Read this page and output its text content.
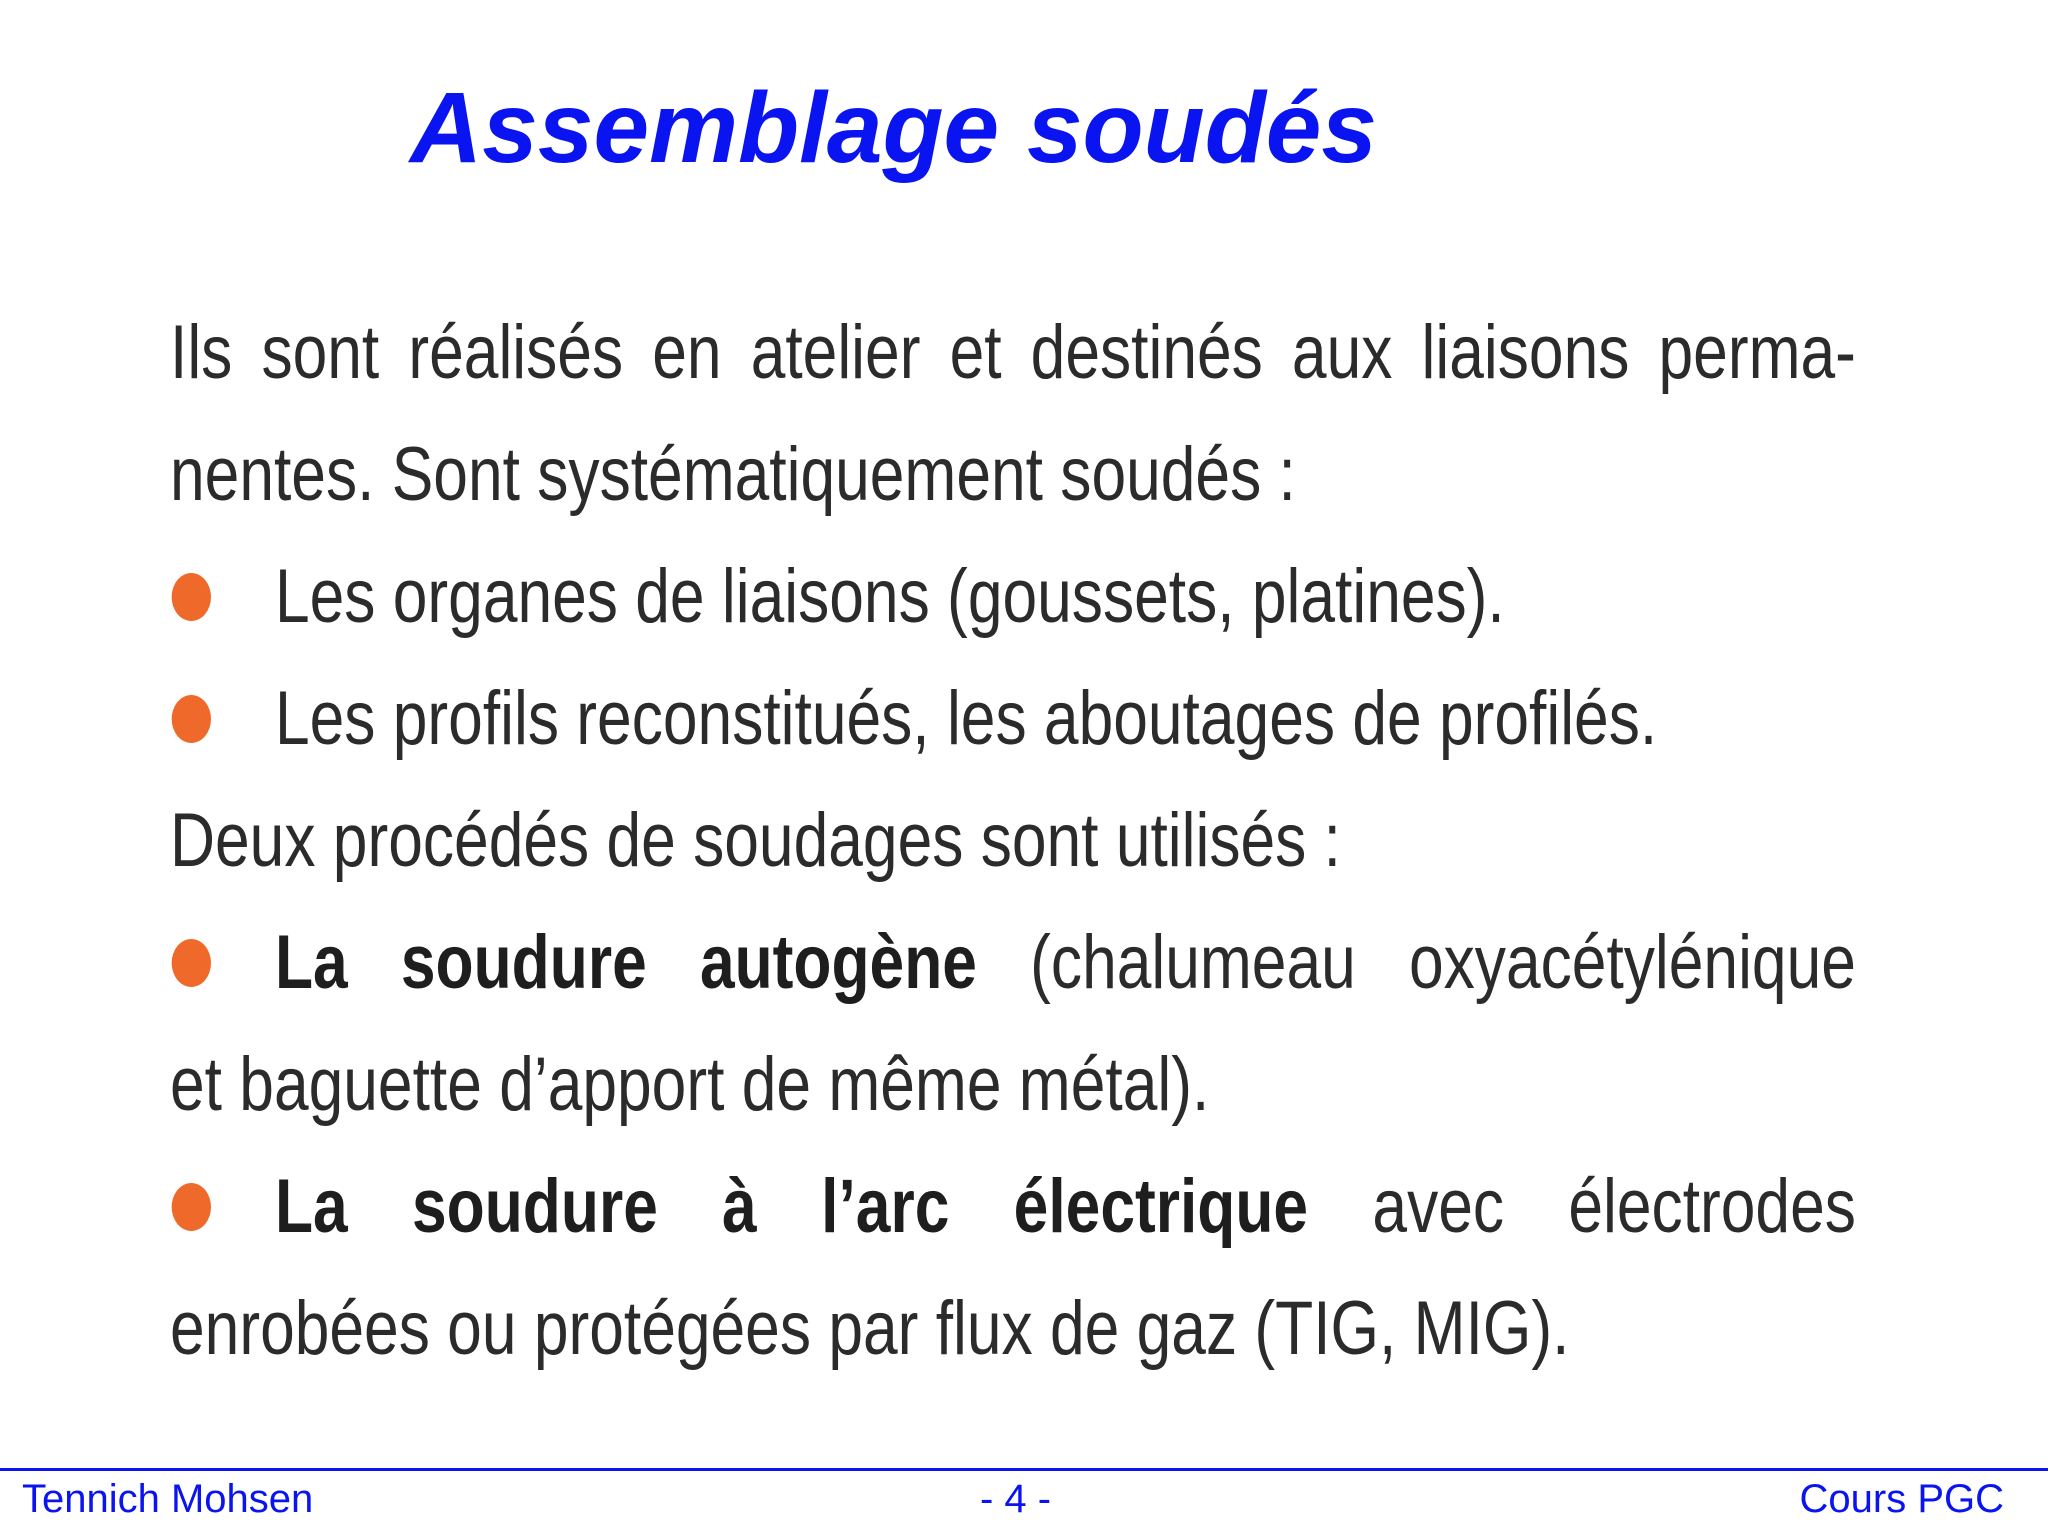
Assemblage soudés
Ils sont réalisés en atelier et destinés aux liaisons perma-
nentes. Sont systématiquement soudés :
Les organes de liaisons (goussets, platines).
Les profils reconstitués, les aboutages de profilés.
Deux procédés de soudages sont utilisés :
La soudure autogène (chalumeau oxyacétylénique
et baguette d’apport de même métal).
La soudure à l’arc électrique avec électrodes
enrobées ou protégées par flux de gaz (TIG, MIG).
Tennich Mohsen	- 4 -	Cours PGC
